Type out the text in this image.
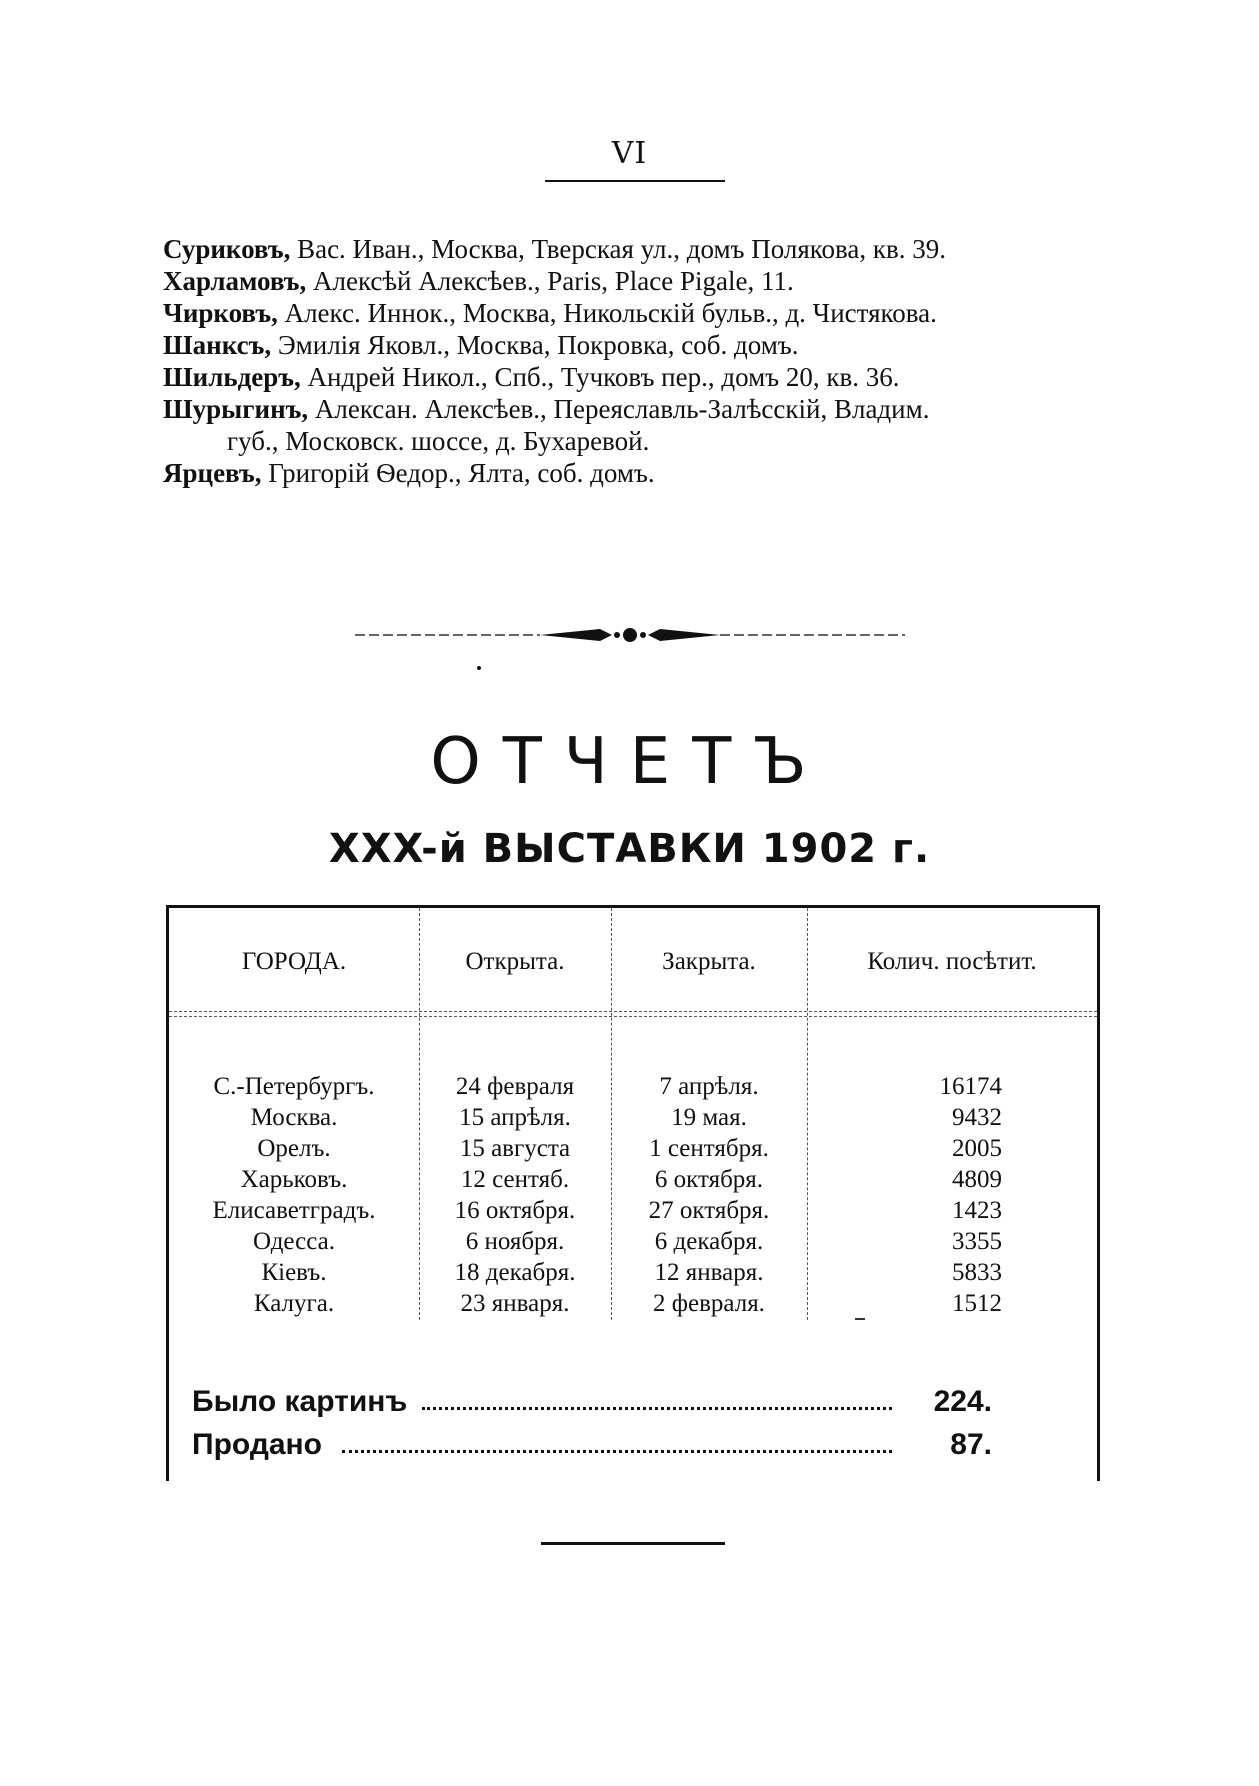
VI

Суриковъ, Вас. Иван., Москва, Тверская ул., домъ Полякова, кв. 39.

Харламовъ, Алексѣй Алексѣев., Paris, Place Pigale, 11.

Чирковъ, Алекс. Иннок., Москва, Никольскій бульв., д. Чистякова.

Шанксъ, Эмилія Яковл., Москва, Покровка, соб. домъ.

Шильдеръ, Андрей Никол., Спб., Тучковъ пер., домъ 20, кв. 36.

Шурыгинъ, Алексан. Алексѣев., Переяславль-Залѣсскій, Владим.
губ., Московск. шоссе, д. Бухаревой.

Ярцевъ, Григорій Ѳедор., Ялта, соб. домъ.

ОТЧЕТЪ
XXX-й ВЫСТАВКИ 1902 г.
ГОРОДА.	Открыта.	Закрыта.	Колич. посѣтит.
С.-Петербургъ.	24 февраля	7 апрѣля.	16174
Москва.	15 апрѣля.	19 мая.	9432
Орелъ.	15 августа	1 сентября.	2005
Харьковъ.	12 сентяб.	6 октября.	4809
Елисаветградъ.	16 октября.	27 октября.	1423
Одесса.	6 ноября.	6 декабря.	3355
Кіевъ.	18 декабря.	12 января.	5833
Калуга.	23 января.	2 февраля.	1512
Было картинъ	224.
Продано	87.
